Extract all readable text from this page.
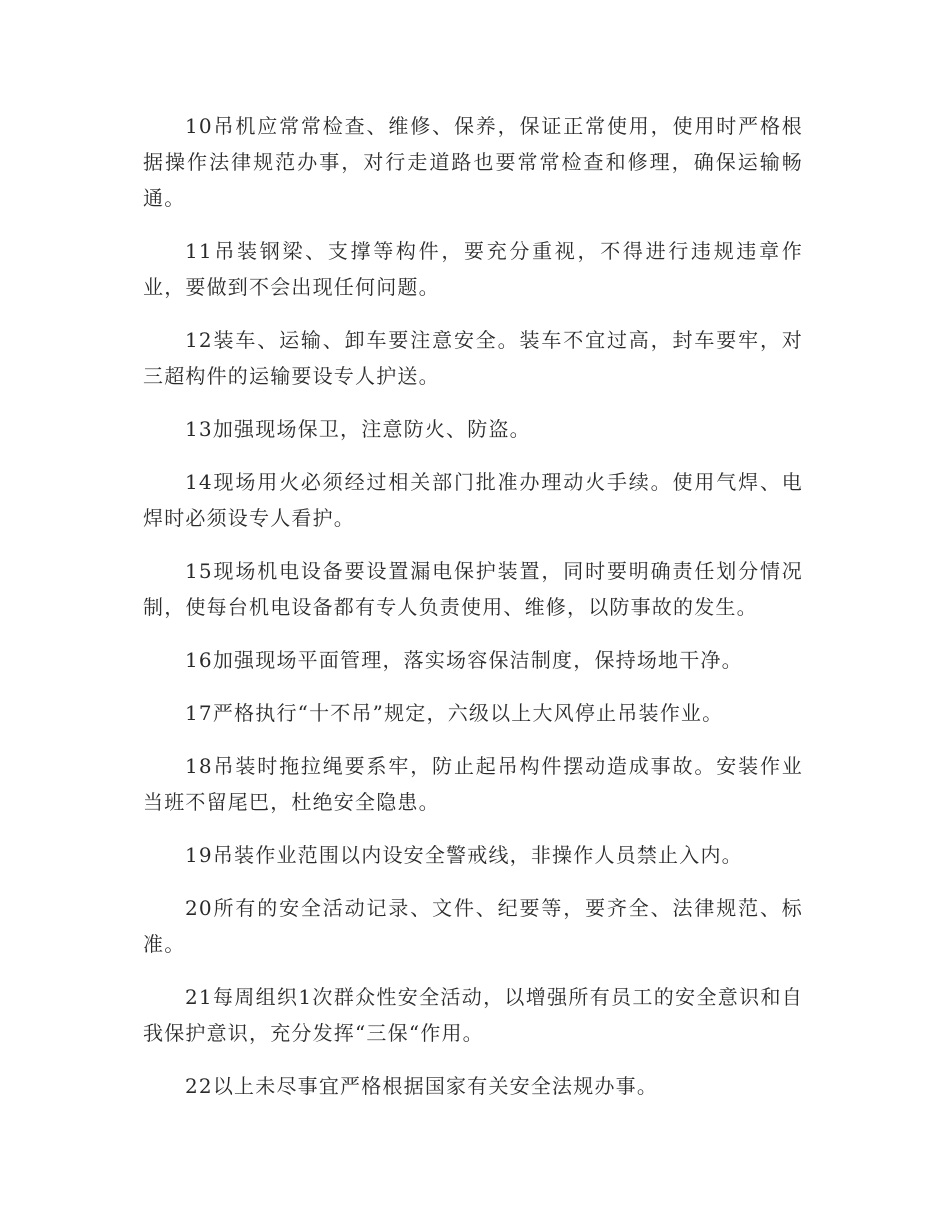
10吊机应常常检查、维修、保养，保证正常使用，使用时严格根据操作法律规范办事，对行走道路也要常常检查和修理，确保运输畅通。

11吊装钢梁、支撑等构件，要充分重视，不得进行违规违章作业，要做到不会出现任何问题。

12装车、运输、卸车要注意安全。装车不宜过高，封车要牢，对三超构件的运输要设专人护送。

13加强现场保卫，注意防火、防盗。

14现场用火必须经过相关部门批准办理动火手续。使用气焊、电焊时必须设专人看护。

15现场机电设备要设置漏电保护装置，同时要明确责任划分情况制，使每台机电设备都有专人负责使用、维修，以防事故的发生。

16加强现场平面管理，落实场容保洁制度，保持场地干净。

17严格执行“十不吊”规定，六级以上大风停止吊装作业。

18吊装时拖拉绳要系牢，防止起吊构件摆动造成事故。安装作业当班不留尾巴，杜绝安全隐患。

19吊装作业范围以内设安全警戒线，非操作人员禁止入内。

20所有的安全活动记录、文件、纪要等，要齐全、法律规范、标准。

21每周组织1次群众性安全活动，以增强所有员工的安全意识和自我保护意识，充分发挥“三保“作用。

22以上未尽事宜严格根据国家有关安全法规办事。
